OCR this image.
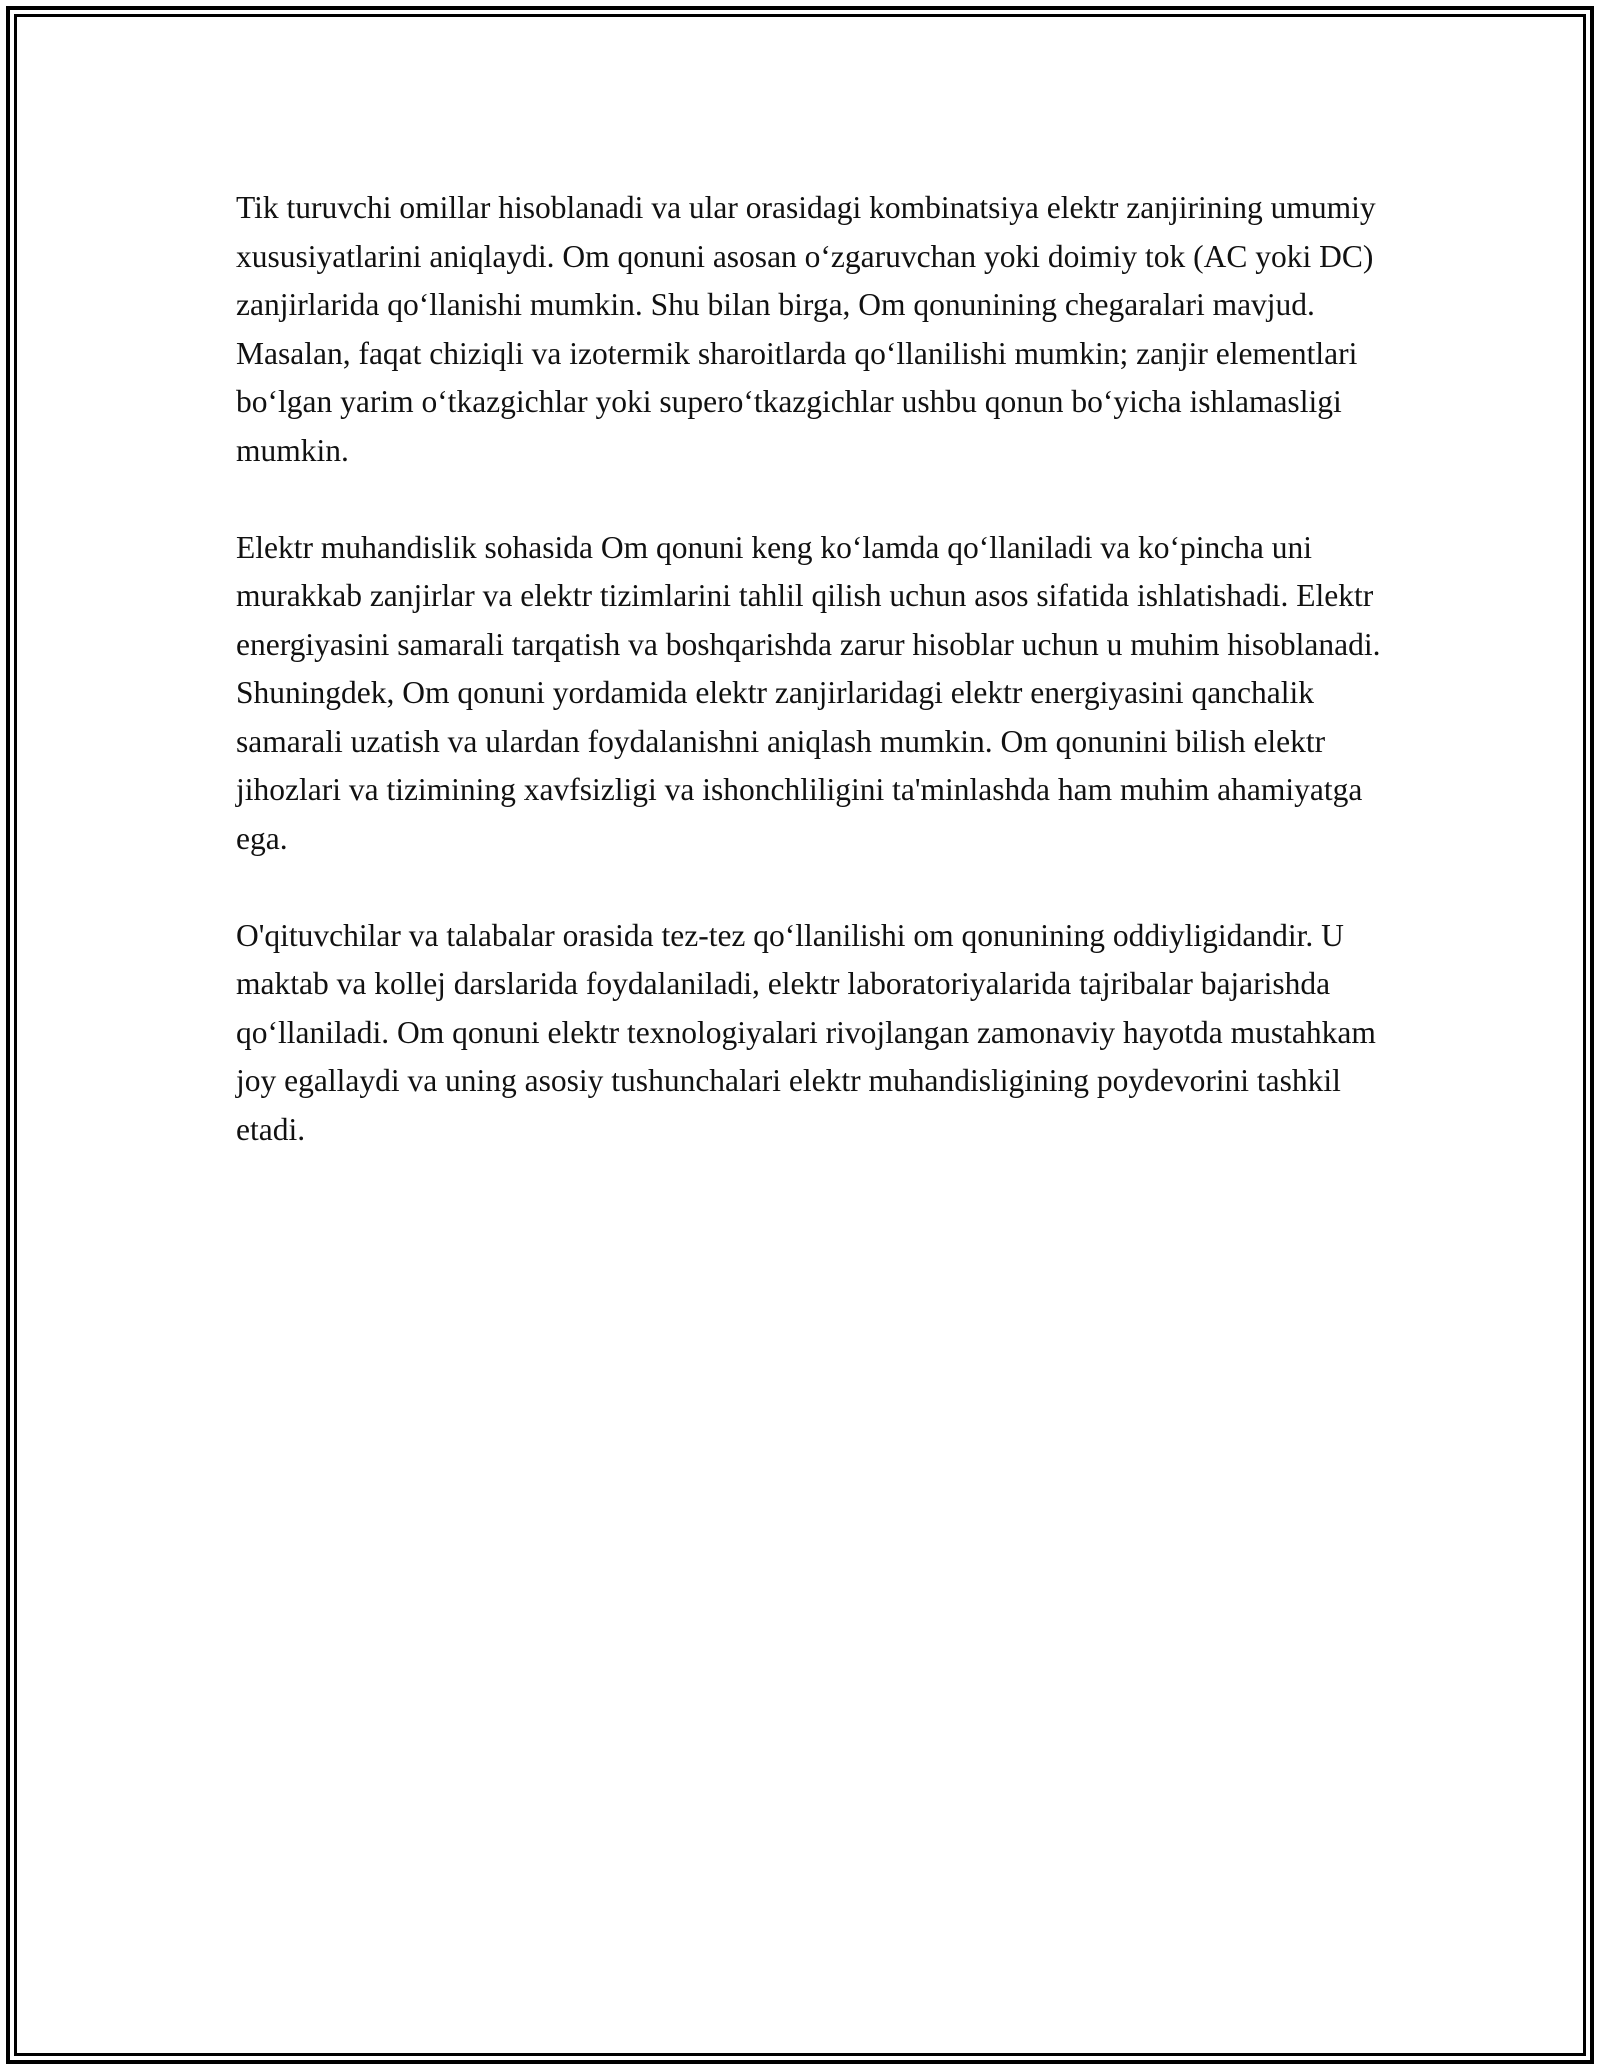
Tik turuvchi omillar hisoblanadi va ular orasidagi kombinatsiya elektr zanjirining umumiy xususiyatlarini aniqlaydi. Om qonuni asosan o‘zgaruvchan yoki doimiy tok (AC yoki DC) zanjirlarida qo‘llanishi mumkin. Shu bilan birga, Om qonunining chegaralari mavjud. Masalan, faqat chiziqli va izotermik sharoitlarda qo‘llanilishi mumkin; zanjir elementlari bo‘lgan yarim o‘tkazgichlar yoki supero‘tkazgichlar ushbu qonun bo‘yicha ishlamasligi mumkin.

Elektr muhandislik sohasida Om qonuni keng ko‘lamda qo‘llaniladi va ko‘pincha uni murakkab zanjirlar va elektr tizimlarini tahlil qilish uchun asos sifatida ishlatishadi. Elektr energiyasini samarali tarqatish va boshqarishda zarur hisoblar uchun u muhim hisoblanadi. Shuningdek, Om qonuni yordamida elektr zanjirlaridagi elektr energiyasini qanchalik samarali uzatish va ulardan foydalanishni aniqlash mumkin. Om qonunini bilish elektr jihozlari va tizimining xavfsizligi va ishonchliligini ta'minlashda ham muhim ahamiyatga ega.

O'qituvchilar va talabalar orasida tez-tez qo‘llanilishi om qonunining oddiyligidandir. U maktab va kollej darslarida foydalaniladi, elektr laboratoriyalarida tajribalar bajarishda qo‘llaniladi. Om qonuni elektr texnologiyalari rivojlangan zamonaviy hayotda mustahkam joy egallaydi va uning asosiy tushunchalari elektr muhandisligining poydevorini tashkil etadi.
